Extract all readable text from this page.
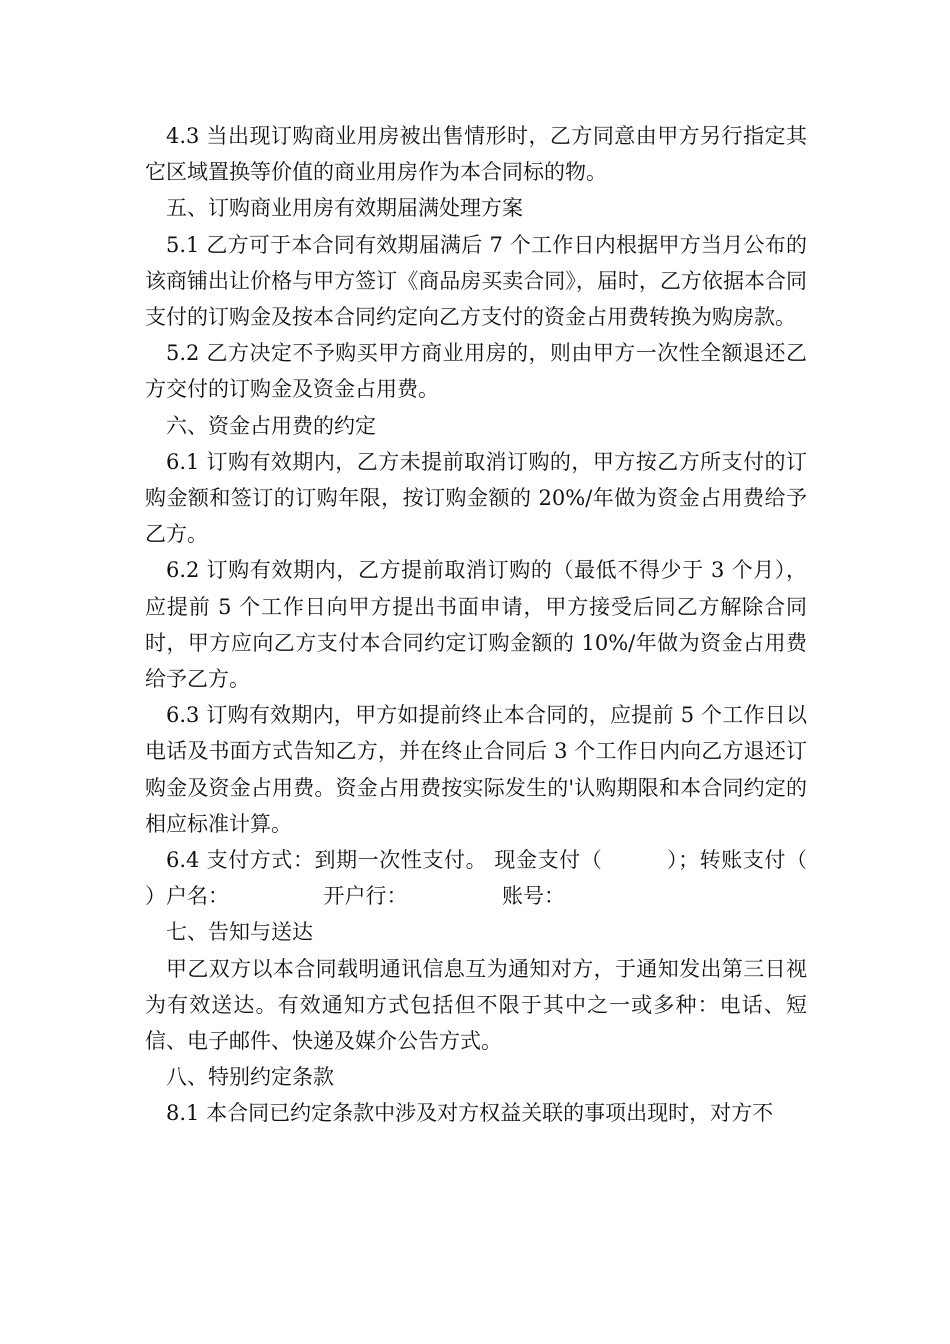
4.3 当出现订购商业用房被出售情形时，乙方同意由甲方另行指定其它区域置换等价值的商业用房作为本合同标的物。

五、订购商业用房有效期届满处理方案

5.1 乙方可于本合同有效期届满后 7 个工作日内根据甲方当月公布的该商铺出让价格与甲方签订《商品房买卖合同》，届时，乙方依据本合同支付的订购金及按本合同约定向乙方支付的资金占用费转换为购房款。

5.2 乙方决定不予购买甲方商业用房的，则由甲方一次性全额退还乙方交付的订购金及资金占用费。

六、资金占用费的约定

6.1 订购有效期内，乙方未提前取消订购的，甲方按乙方所支付的订购金额和签订的订购年限，按订购金额的 20%/年做为资金占用费给予乙方。

6.2 订购有效期内，乙方提前取消订购的（最低不得少于 3 个月），应提前 5 个工作日向甲方提出书面申请，甲方接受后同乙方解除合同时，甲方应向乙方支付本合同约定订购金额的 10%/年做为资金占用费给予乙方。

6.3 订购有效期内，甲方如提前终止本合同的，应提前 5 个工作日以电话及书面方式告知乙方，并在终止合同后 3 个工作日内向乙方退还订购金及资金占用费。资金占用费按实际发生的'认购期限和本合同约定的相应标准计算。

6.4 支付方式：到期一次性支付。 现金支付（　　　）；转账支付（　　　）户名：　　　　　开户行：　　　　　账号：

七、告知与送达

甲乙双方以本合同载明通讯信息互为通知对方，于通知发出第三日视为有效送达。有效通知方式包括但不限于其中之一或多种：电话、短信、电子邮件、快递及媒介公告方式。

八、特别约定条款

8.1 本合同已约定条款中涉及对方权益关联的事项出现时，对方不
